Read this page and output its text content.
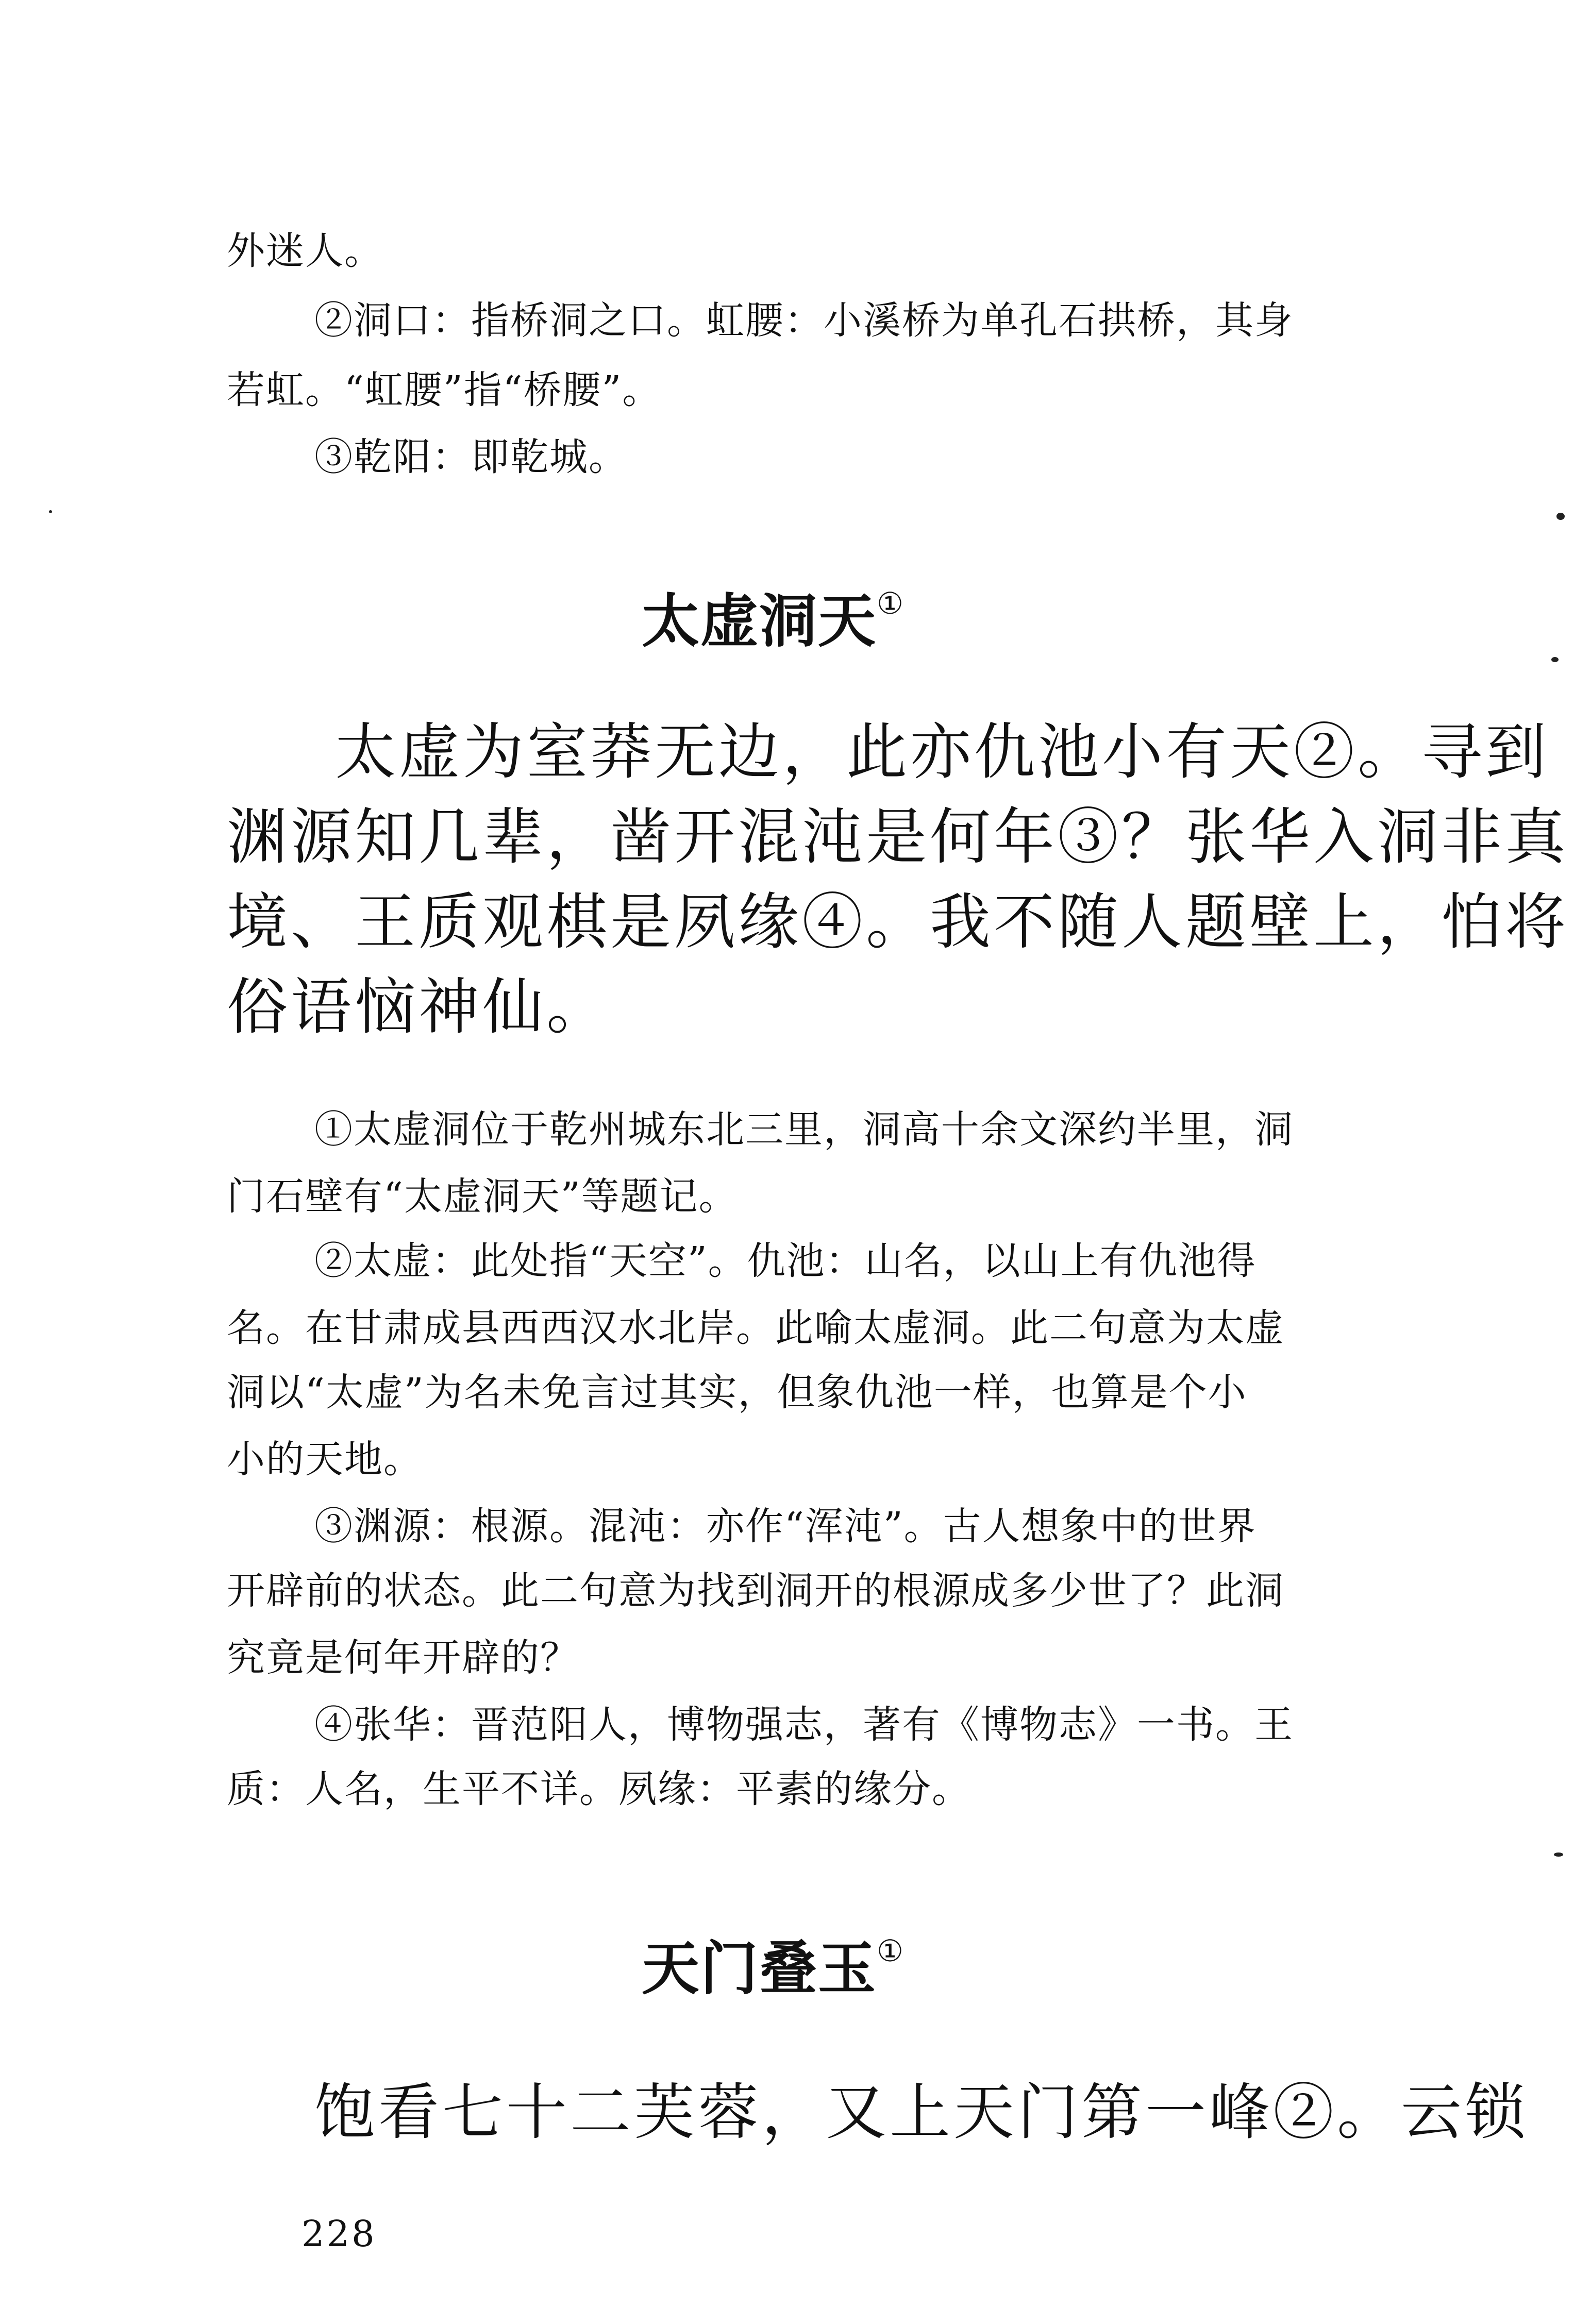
外迷人。

②洞口：指桥洞之口。虹腰：小溪桥为单孔石拱桥，其身

若虹。“虹腰”指“桥腰”。

③乾阳：即乾城。

太虚洞天①

太虚为室莽无边，此亦仇池小有天②。寻到

渊源知几辈，凿开混沌是何年③？张华入洞非真

境、王质观棋是夙缘④。我不随人题壁上，怕将

俗语恼神仙。

①太虚洞位于乾州城东北三里，洞高十余文深约半里，洞

门石壁有“太虚洞天”等题记。

②太虚：此处指“天空”。仇池：山名，以山上有仇池得

名。在甘肃成县西西汉水北岸。此喻太虚洞。此二句意为太虚

洞以“太虚”为名未免言过其实，但象仇池一样，也算是个小

小的天地。

③渊源：根源。混沌：亦作“浑沌”。古人想象中的世界

开辟前的状态。此二句意为找到洞开的根源成多少世了？此洞

究竟是何年开辟的？

④张华：晋范阳人，博物强志，著有《博物志》一书。王

质：人名，生平不详。夙缘：平素的缘分。

天门叠玉①

饱看七十二芙蓉，又上天门第一峰②。云锁

228
